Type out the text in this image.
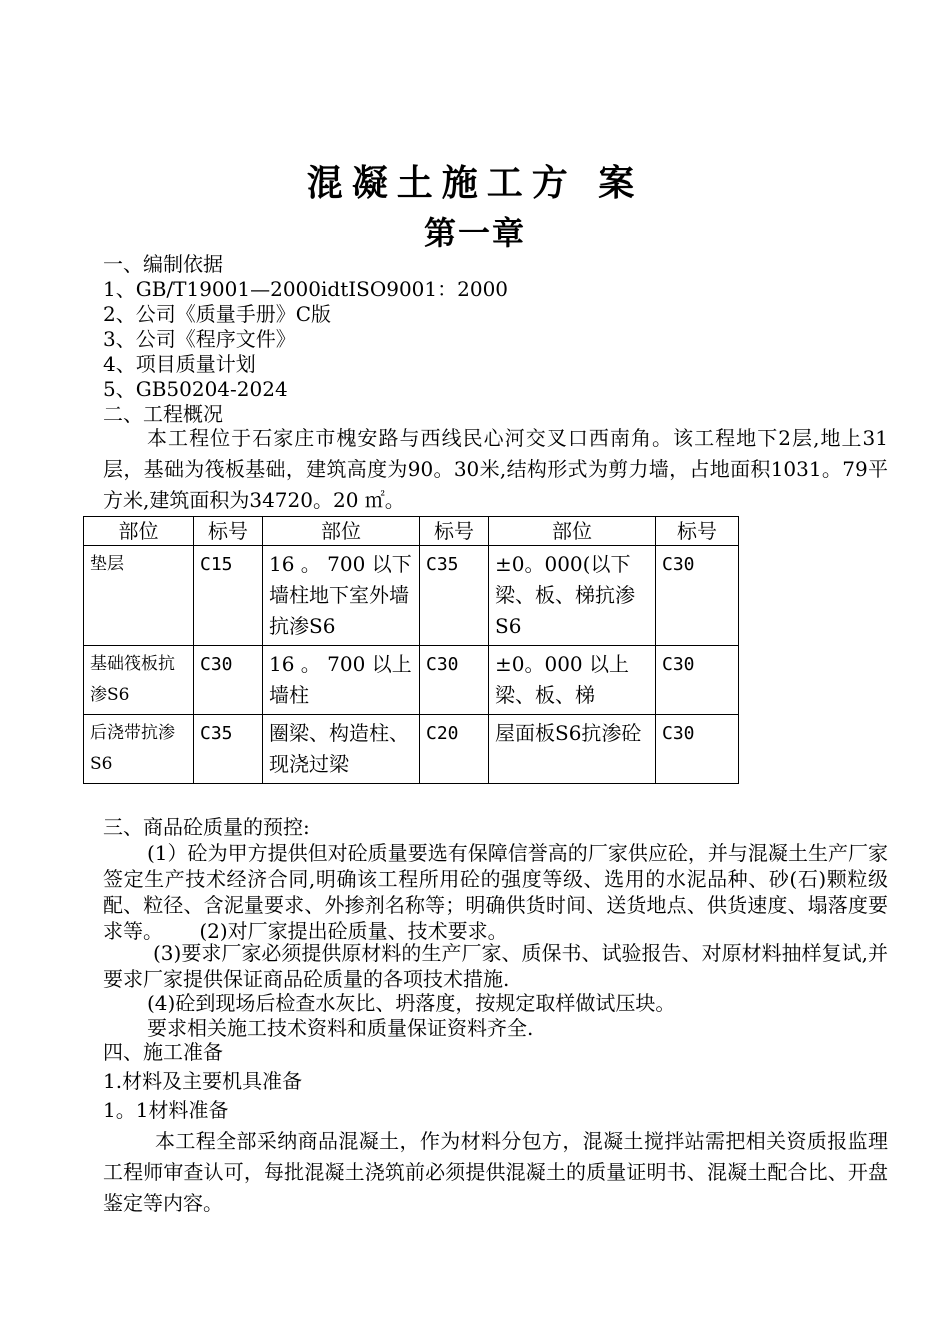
混凝土施工方 案
第一章
一、编制依据
1、GB/T19001—2000idtISO9001：2000
2、公司《质量手册》C版
3、公司《程序文件》
4、项目质量计划
5、GB50204-2024
二、工程概况
本工程位于石家庄市槐安路与西线民心河交叉口西南角。该工程地下2层,地上31层，基础为筏板基础，建筑高度为90。30米,结构形式为剪力墙，占地面积1031。79平方米,建筑面积为34720。20 ㎡。
部位	标号	部位	标号	部位	标号
垫层	C15	16 。 700 以下墙柱地下室外墙抗渗S6	C35	±0。000(以下梁、板、梯抗渗S6	C30
基础筏板抗渗S6	C30	16 。 700 以上墙柱	C30	±0。000 以上梁、板、梯	C30
后浇带抗渗S6	C35	圈梁、构造柱、现浇过梁	C20	屋面板S6抗渗砼	C30
三、商品砼质量的预控:
(1）砼为甲方提供但对砼质量要选有保障信誉高的厂家供应砼，并与混凝土生产厂家签定生产技术经济合同,明确该工程所用砼的强度等级、选用的水泥品种、砂(石)颗粒级配、粒径、含泥量要求、外掺剂名称等；明确供货时间、送货地点、供货速度、塌落度要求等。　　 (2)对厂家提出砼质量、技术要求。
(3)要求厂家必须提供原材料的生产厂家、质保书、试验报告、对原材料抽样复试,并要求厂家提供保证商品砼质量的各项技术措施.
(4)砼到现场后检查水灰比、坍落度，按规定取样做试压块。
要求相关施工技术资料和质量保证资料齐全.
四、施工准备
1.材料及主要机具准备
1。1材料准备
本工程全部采纳商品混凝土，作为材料分包方，混凝土搅拌站需把相关资质报监理工程师审查认可，每批混凝土浇筑前必须提供混凝土的质量证明书、混凝土配合比、开盘鉴定等内容。
